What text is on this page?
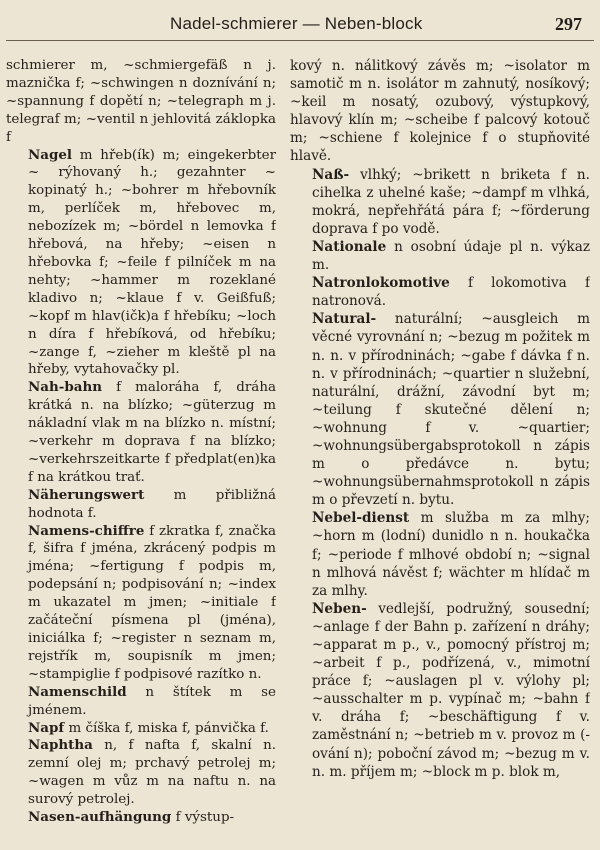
Nadel-schmierer — Neben-block	297
schmierer m, ~schmiergefäß n j. maznička f; ~schwingen n doznívání n; ~spannung f dopětí n; ~telegraph m j. telegraf m; ~ventil n jehlovitá záklopka f
Nagel m hřeb(ík) m; eingekerbter ~ rýhovaný h.; gezahnter ~ kopinatý h.; ~bohrer m hřebovník m, perlíček m, hřebovec m, nebozízek m; ~bördel n lemovka f hřebová, na hřeby; ~eisen n hřebovka f; ~feile f pilníček m na nehty; ~hammer m rozeklané kladivo n; ~klaue f v. Geißfuß; ~kopf m hlav(ičk)a f hřebíku; ~loch n díra f hřebíková, od hřebíku; ~zange f, ~zieher m kleště pl na hřeby, vytahovačky pl.
Nah-bahn f maloráha f, dráha krátká n. na blízko; ~güterzug m nákladní vlak m na blízko n. místní; ~verkehr m doprava f na blízko; ~verkehrszeitkarte f předplat(en)ka f na krátkou trať.
Näherungswert m přibližná hodnota f.
Namens-chiffre f zkratka f, značka f, šifra f jména, zkrácený podpis m jména; ~fertigung f podpis m, podepsání n; podpisování n; ~index m ukazatel m jmen; ~initiale f začáteční písmena pl (jména), iniciálka f; ~register n seznam m, rejstřík m, soupisník m jmen; ~stampiglie f podpisové razítko n.
Namenschild n štítek m se jménem.
Napf m číška f, miska f, pánvička f.
Naphtha n, f nafta f, skalní n. zemní olej m; prchavý petrolej m; ~wagen m vůz m na naftu n. na surový petrolej.
Nasen-aufhängung f výstup-
kový n. nálitkový závěs m; ~isolator m samotič m n. isolátor m zahnutý, nosíkový; ~keil m nosatý, ozubový, výstupkový, hlavový klín m; ~scheibe f palcový kotouč m; ~schiene f kolejnice f o stupňovité hlavě.
Naß- vlhký; ~brikett n briketa f n. cihelka z uhelné kaše; ~dampf m vlhká, mokrá, nepřehřátá pára f; ~förderung doprava f po vodě.
Nationale n osobní údaje pl n. výkaz m.
Natronlokomotive f lokomotiva f natronová.
Natural- naturální; ~ausgleich m věcné vyrovnání n; ~bezug m požitek m n. n. v přírodninách; ~gabe f dávka f n. n. v přírodninách; ~quartier n služební, naturální, drážní, závodní byt m; ~teilung f skutečné dělení n; ~wohnung f v. ~quartier; ~wohnungsübergabsprotokoll n zápis m o předávce n. bytu; ~wohnungsübernahmsprotokoll n zápis m o převzetí n. bytu.
Nebel-dienst m služba m za mlhy; ~horn m (lodní) dunidlo n n. houkačka f; ~periode f mlhové období n; ~signal n mlhová návěst f; wächter m hlídač m za mlhy.
Neben- vedlejší, podružný, sousední; ~anlage f der Bahn p. zařízení n dráhy; ~apparat m p., v., pomocný přístroj m; ~arbeit f p., podřízená, v., mimotní práce f; ~auslagen pl v. výlohy pl; ~ausschalter m p. vypínač m; ~bahn f v. dráha f; ~beschäftigung f v. zaměstnání n; ~betrieb m v. provoz m (-ování n); poboční závod m; ~bezug m v. n. m. příjem m; ~block m p. blok m,
